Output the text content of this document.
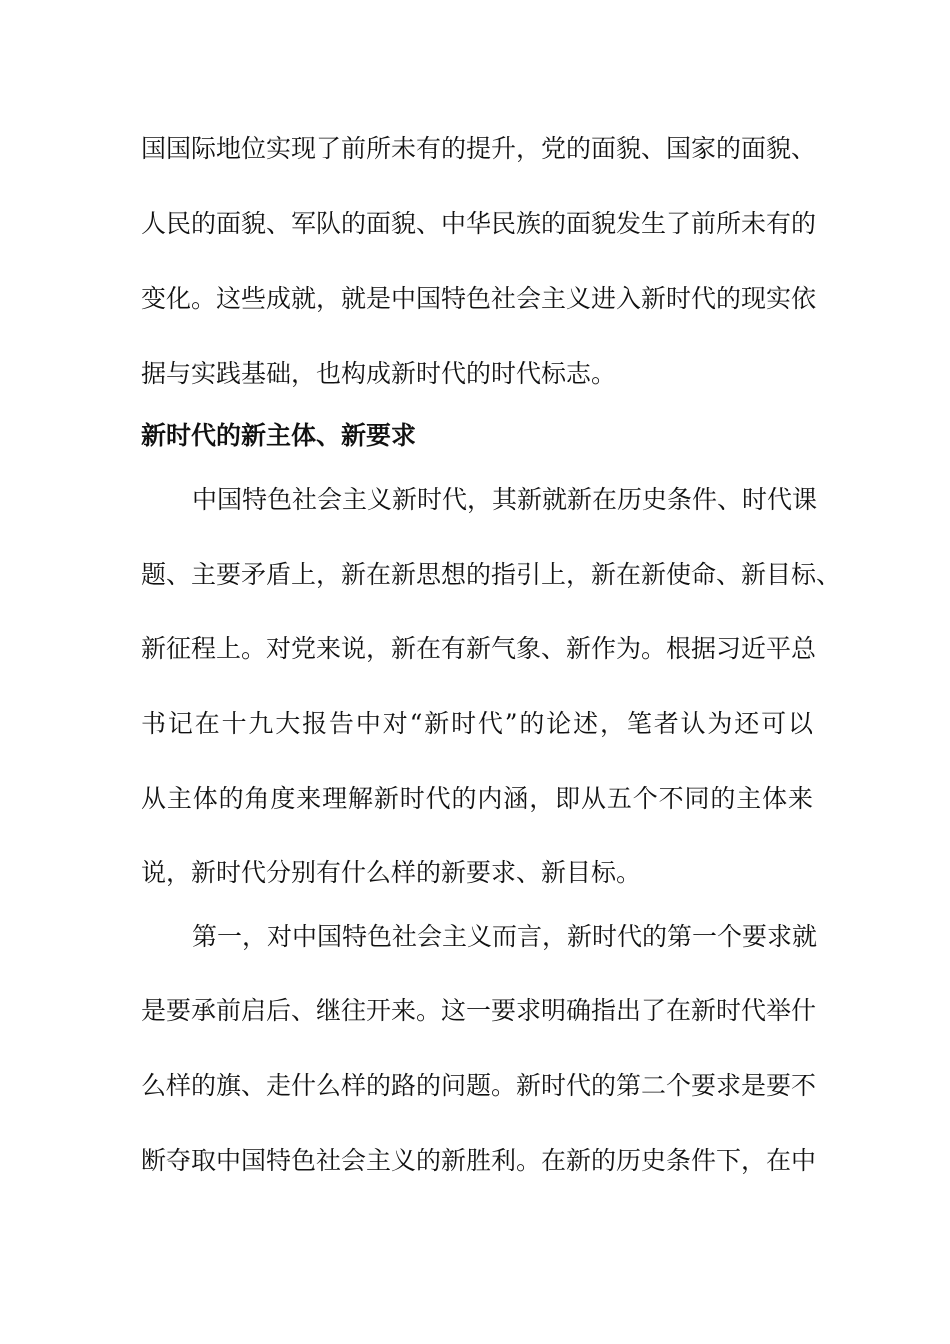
国国际地位实现了前所未有的提升，党的面貌、国家的面貌、
人民的面貌、军队的面貌、中华民族的面貌发生了前所未有的
变化。这些成就，就是中国特色社会主义进入新时代的现实依
据与实践基础，也构成新时代的时代标志。
新时代的新主体、新要求
中国特色社会主义新时代，其新就新在历史条件、时代课
题、主要矛盾上，新在新思想的指引上，新在新使命、新目标、
新征程上。对党来说，新在有新气象、新作为。根据习近平总
书记在十九大报告中对“新时代”的论述，笔者认为还可以
从主体的角度来理解新时代的内涵，即从五个不同的主体来
说，新时代分别有什么样的新要求、新目标。
第一，对中国特色社会主义而言，新时代的第一个要求就
是要承前启后、继往开来。这一要求明确指出了在新时代举什
么样的旗、走什么样的路的问题。新时代的第二个要求是要不
断夺取中国特色社会主义的新胜利。在新的历史条件下，在中
